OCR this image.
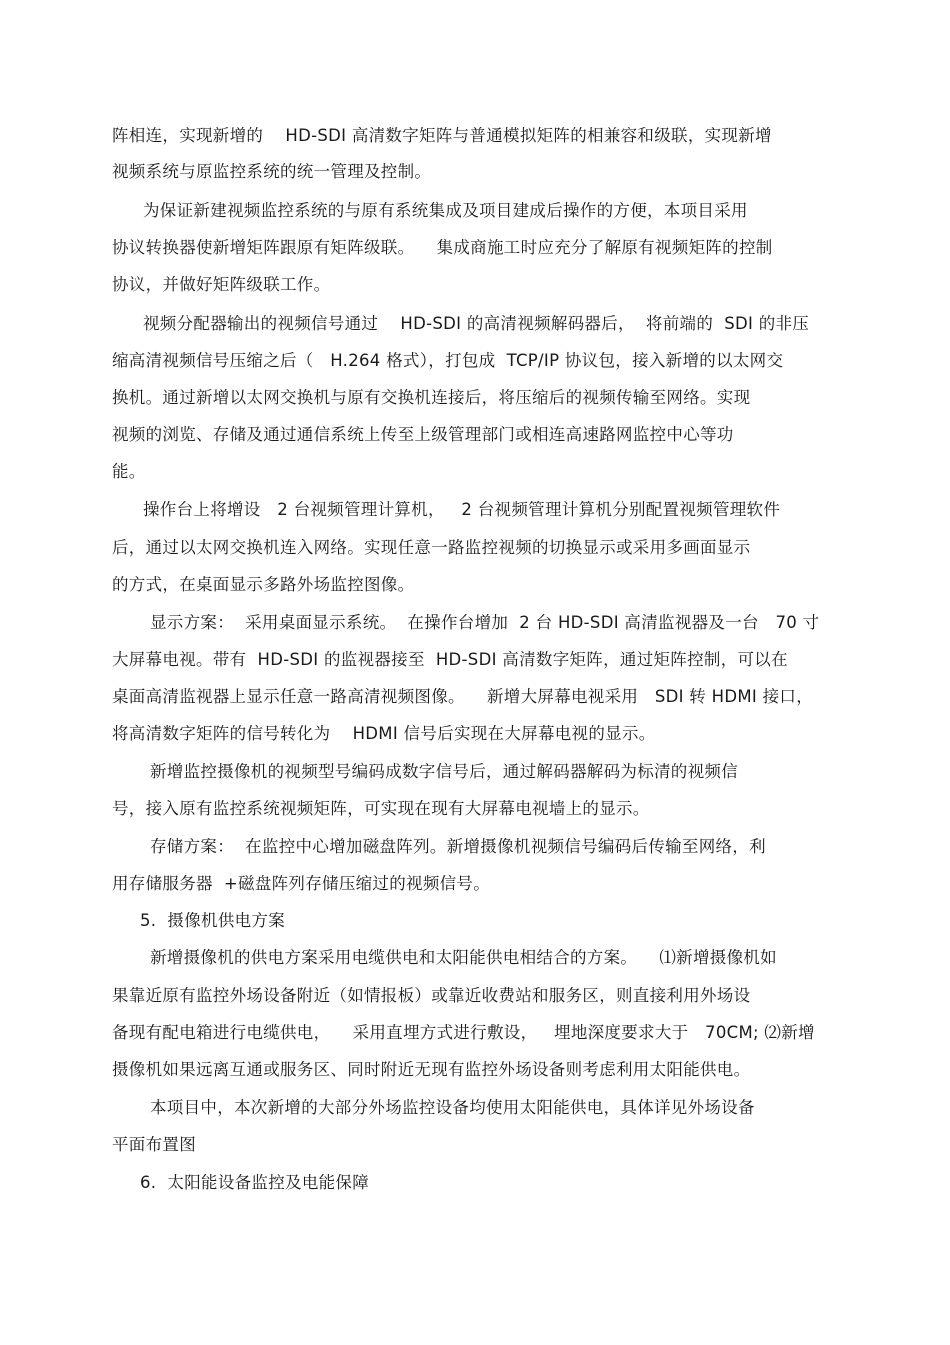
阵相连，实现新增的    HD-SDI 高清数字矩阵与普通模拟矩阵的相兼容和级联，实现新增
视频系统与原监控系统的统一管理及控制。
为保证新建视频监控系统的与原有系统集成及项目建成后操作的方便，本项目采用
协议转换器使新增矩阵跟原有矩阵级联。    集成商施工时应充分了解原有视频矩阵的控制
协议，并做好矩阵级联工作。
视频分配器输出的视频信号通过    HD-SDI 的高清视频解码器后，  将前端的  SDI 的非压
缩高清视频信号压缩之后（   H.264 格式），打包成  TCP/IP 协议包，接入新增的以太网交
换机。通过新增以太网交换机与原有交换机连接后，将压缩后的视频传输至网络。实现
视频的浏览、存储及通过通信系统上传至上级管理部门或相连高速路网监控中心等功
能。
操作台上将增设   2 台视频管理计算机，   2 台视频管理计算机分别配置视频管理软件
后，通过以太网交换机连入网络。实现任意一路监控视频的切换显示或采用多画面显示
的方式，在桌面显示多路外场监控图像。
显示方案：  采用桌面显示系统。  在操作台增加  2 台 HD-SDI 高清监视器及一台   70 寸
大屏幕电视。带有  HD-SDI 的监视器接至  HD-SDI 高清数字矩阵，通过矩阵控制，可以在
桌面高清监视器上显示任意一路高清视频图像。    新增大屏幕电视采用   SDI 转 HDMI 接口，
将高清数字矩阵的信号转化为    HDMI 信号后实现在大屏幕电视的显示。
新增监控摄像机的视频型号编码成数字信号后，通过解码器解码为标清的视频信
号，接入原有监控系统视频矩阵，可实现在现有大屏幕电视墙上的显示。
存储方案：  在监控中心增加磁盘阵列。新增摄像机视频信号编码后传输至网络，利
用存储服务器  +磁盘阵列存储压缩过的视频信号。
5.  摄像机供电方案
新增摄像机的供电方案采用电缆供电和太阳能供电相结合的方案。    ⑴新增摄像机如
果靠近原有监控外场设备附近（如情报板）或靠近收费站和服务区，则直接利用外场设
备现有配电箱进行电缆供电，    采用直埋方式进行敷设，   埋地深度要求大于   70CM; ⑵新增
摄像机如果远离互通或服务区、同时附近无现有监控外场设备则考虑利用太阳能供电。
本项目中，本次新增的大部分外场监控设备均使用太阳能供电，具体详见外场设备
平面布置图
6.  太阳能设备监控及电能保障
